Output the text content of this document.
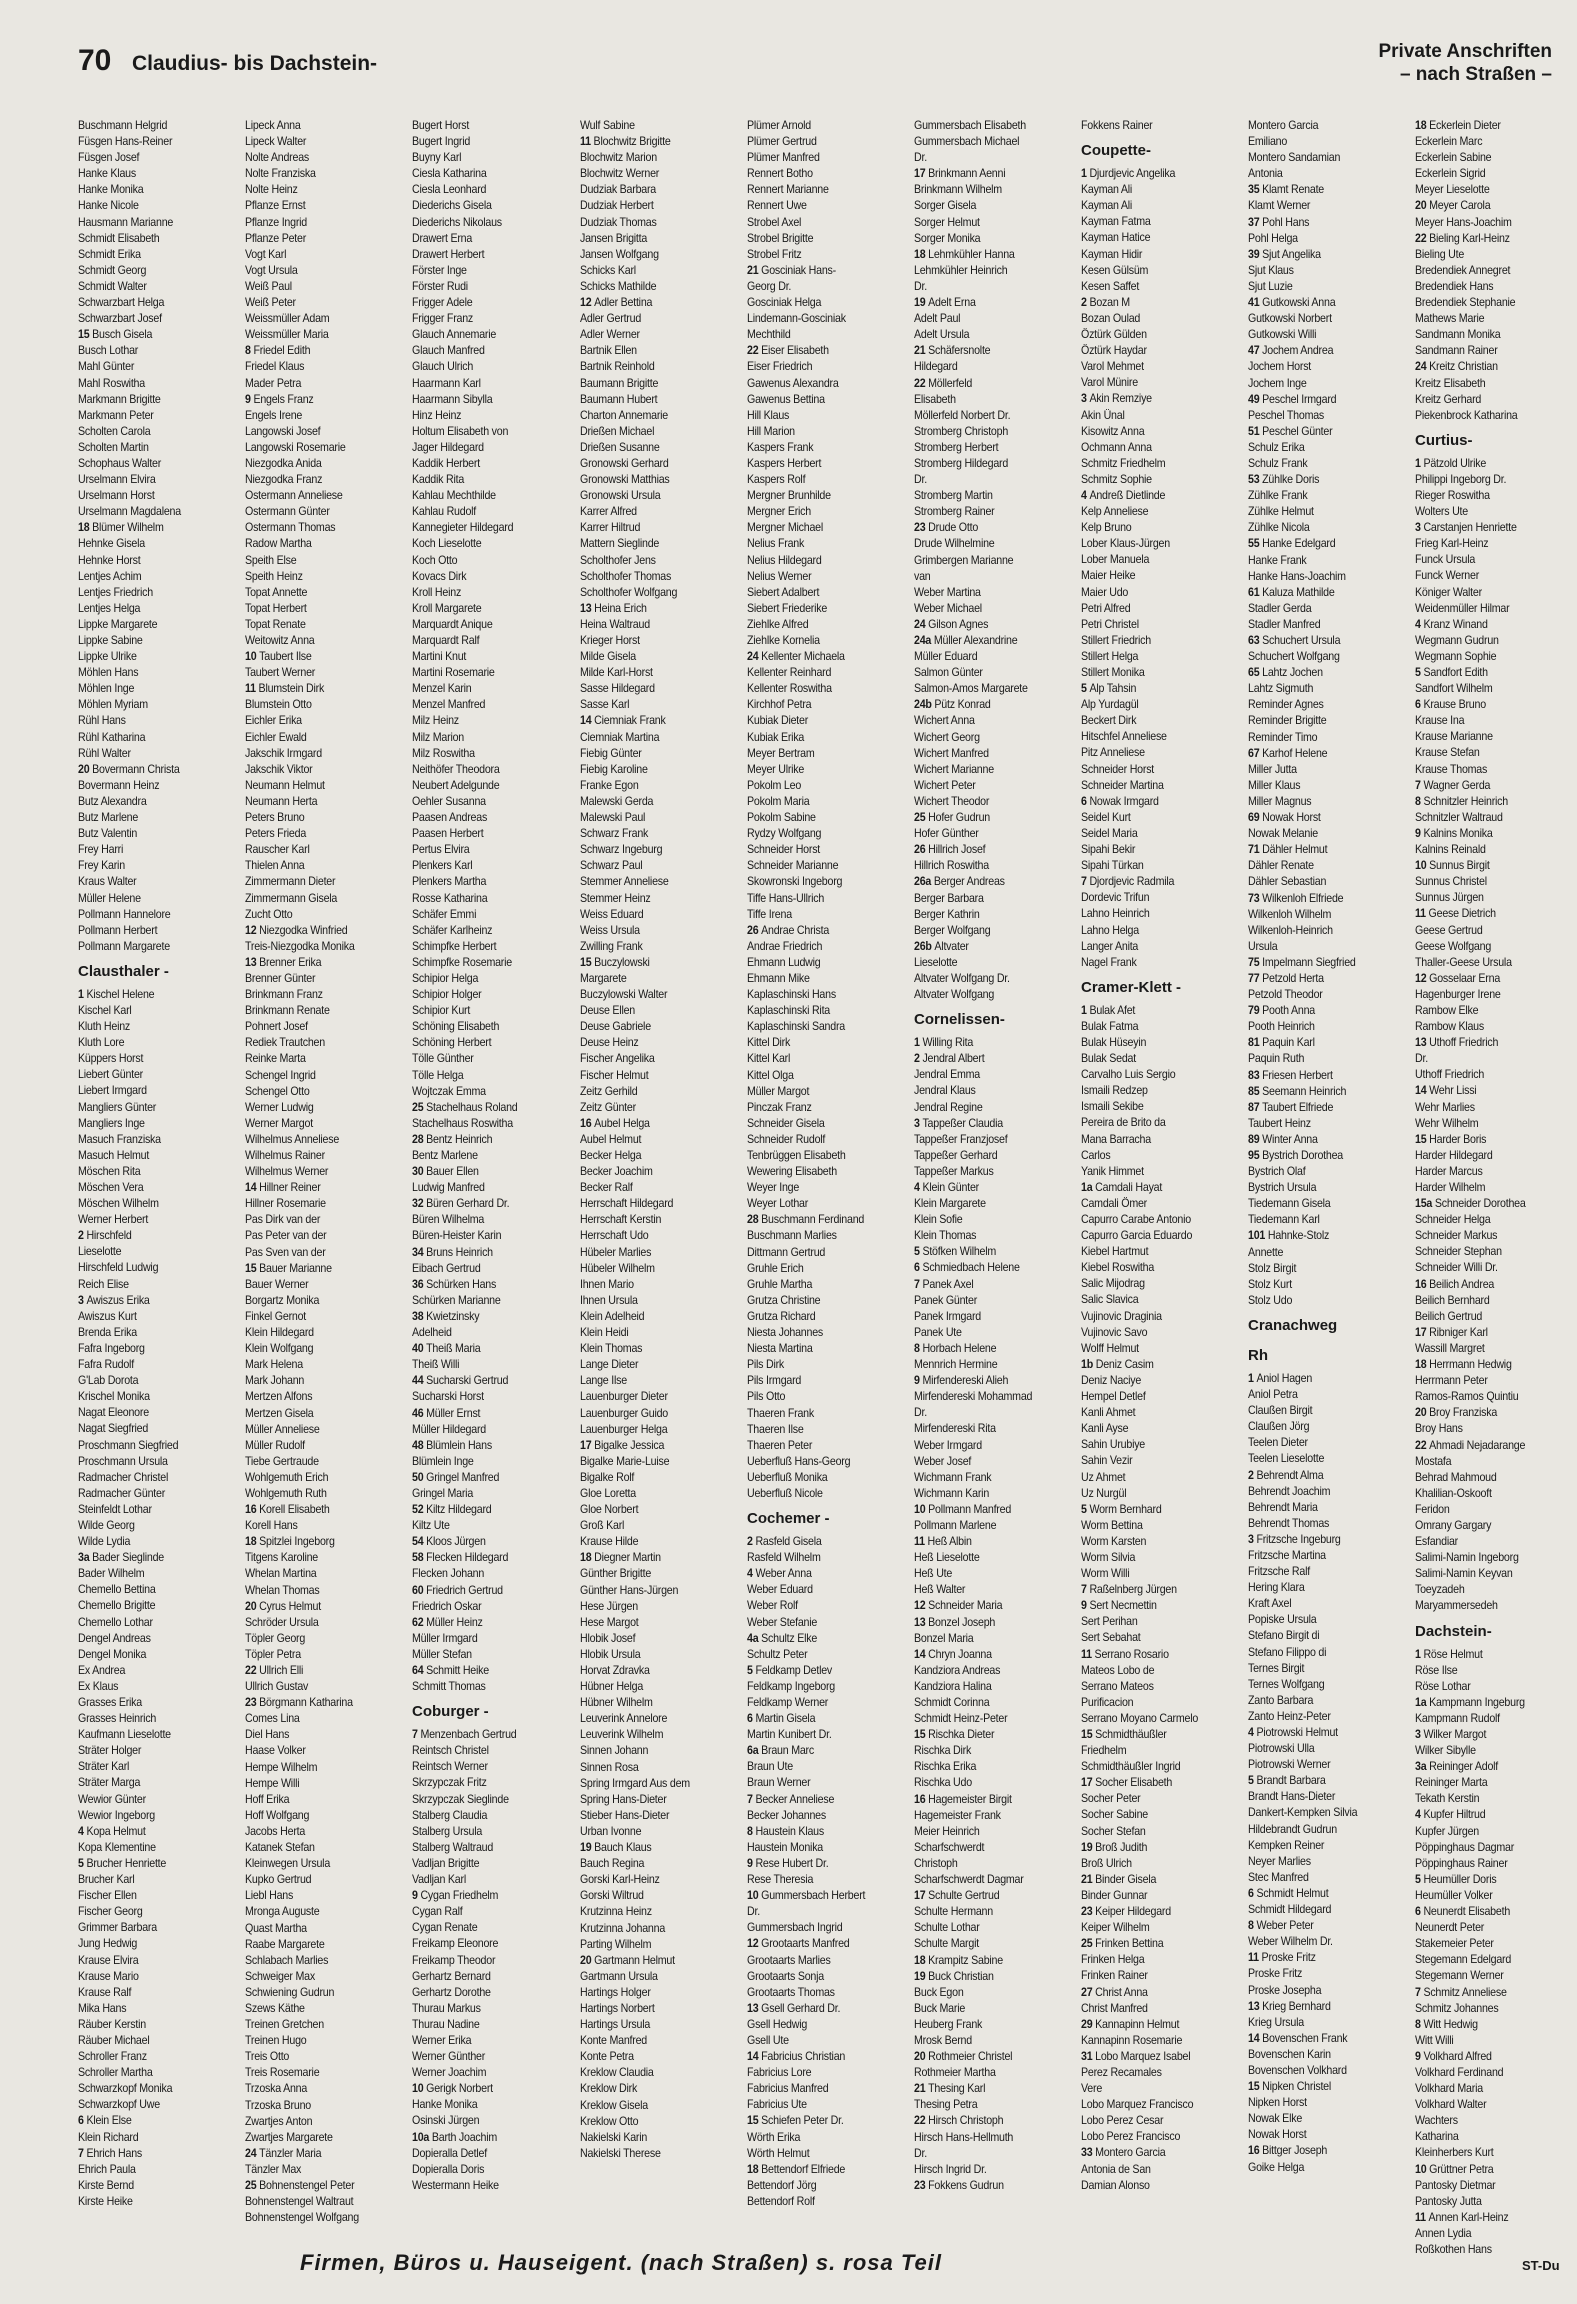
70 Claudius- bis Dachstein-
Private Anschriften
– nach Straßen –
Buschmann Helgrid
Füsgen Hans-Reiner
Füsgen Josef
Hanke Klaus
Hanke Monika
Hanke Nicole
Hausmann Marianne
Schmidt Elisabeth
Schmidt Erika
Schmidt Georg
Schmidt Walter
Schwarzbart Helga
Schwarzbart Josef
15 Busch Gisela
Busch Lothar
Mahl Günter
Mahl Roswitha
Markmann Brigitte
Markmann Peter
Scholten Carola
Scholten Martin
Schophaus Walter
Urselmann Elvira
Urselmann Horst
Urselmann Magdalena
18 Blümer Wilhelm
Hehnke Gisela
Hehnke Horst
Lentjes Achim
Lentjes Friedrich
Lentjes Helga
Lippke Margarete
Lippke Sabine
Lippke Ulrike
Möhlen Hans
Möhlen Inge
Möhlen Myriam
Rühl Hans
Rühl Katharina
Rühl Walter
20 Bovermann Christa
Bovermann Heinz
Butz Alexandra
Butz Marlene
Butz Valentin
Frey Harri
Frey Karin
Kraus Walter
Müller Helene
Pollmann Hannelore
Pollmann Herbert
Pollmann Margarete
Clausthaler -
1 Kischel Helene
Kischel Karl
Kluth Heinz
Kluth Lore
Küppers Horst
Liebert Günter
Liebert Irmgard
Mangliers Günter
Mangliers Inge
Masuch Franziska
Masuch Helmut
Möschen Rita
Möschen Vera
Möschen Wilhelm
Werner Herbert
2 Hirschfeld
Lieselotte
Hirschfeld Ludwig
Reich Elise
3 Awiszus Erika
Awiszus Kurt
Brenda Erika
Fafra Ingeborg
Fafra Rudolf
G'Lab Dorota
Krischel Monika
Nagat Eleonore
Nagat Siegfried
Proschmann Siegfried
Proschmann Ursula
Radmacher Christel
Radmacher Günter
Steinfeldt Lothar
Wilde Georg
Wilde Lydia
3a Bader Sieglinde
Bader Wilhelm
Chemello Bettina
Chemello Brigitte
Chemello Lothar
Dengel Andreas
Dengel Monika
Ex Andrea
Ex Klaus
Grasses Erika
Grasses Heinrich
Kaufmann Lieselotte
Sträter Holger
Sträter Karl
Sträter Marga
Wewior Günter
Wewior Ingeborg
4 Kopa Helmut
Kopa Klementine
5 Brucher Henriette
Brucher Karl
Fischer Ellen
Fischer Georg
Grimmer Barbara
Jung Hedwig
Krause Elvira
Krause Mario
Krause Ralf
Mika Hans
Räuber Kerstin
Räuber Michael
Schroller Franz
Schroller Martha
Schwarzkopf Monika
Schwarzkopf Uwe
6 Klein Else
Klein Richard
7 Ehrich Hans
Ehrich Paula
Kirste Bernd
Kirste Heike
Lipeck Anna
Lipeck Walter
Nolte Andreas
Nolte Franziska
Nolte Heinz
Pflanze Ernst
Pflanze Ingrid
Pflanze Peter
Vogt Karl
Vogt Ursula
Weiß Paul
Weiß Peter
Weissmüller Adam
Weissmüller Maria
8 Friedel Edith
Friedel Klaus
Mader Petra
9 Engels Franz
Engels Irene
Langowski Josef
Langowski Rosemarie
Niezgodka Anida
Niezgodka Franz
Ostermann Anneliese
Ostermann Günter
Ostermann Thomas
Radow Martha
Speith Else
Speith Heinz
Topat Annette
Topat Herbert
Topat Renate
Weitowitz Anna
10 Taubert Ilse
Taubert Werner
11 Blumstein Dirk
Blumstein Otto
Eichler Erika
Eichler Ewald
Jakschik Irmgard
Jakschik Viktor
Neumann Helmut
Neumann Herta
Peters Bruno
Peters Frieda
Rauscher Karl
Thielen Anna
Zimmermann Dieter
Zimmermann Gisela
Zucht Otto
12 Niezgodka Winfried
Treis-Niezgodka Monika
13 Brenner Erika
Brenner Günter
Brinkmann Franz
Brinkmann Renate
Pohnert Josef
Rediek Trautchen
Reinke Marta
Schengel Ingrid
Schengel Otto
Werner Ludwig
Werner Margot
Wilhelmus Anneliese
Wilhelmus Rainer
Wilhelmus Werner
14 Hillner Reiner
Hillner Rosemarie
Pas Dirk van der
Pas Peter van der
Pas Sven van der
15 Bauer Marianne
Bauer Werner
Borgartz Monika
Finkel Gernot
Klein Hildegard
Klein Wolfgang
Mark Helena
Mark Johann
Mertzen Alfons
Mertzen Gisela
Müller Anneliese
Müller Rudolf
Tiebe Gertraude
Wohlgemuth Erich
Wohlgemuth Ruth
16 Korell Elisabeth
Korell Hans
18 Spitzlei Ingeborg
Titgens Karoline
Whelan Martina
Whelan Thomas
20 Cyrus Helmut
Schröder Ursula
Töpler Georg
Töpler Petra
22 Ullrich Elli
Ullrich Gustav
23 Börgmann Katharina
Comes Lina
Diel Hans
Haase Volker
Hempe Wilhelm
Hempe Willi
Hoff Erika
Hoff Wolfgang
Jacobs Herta
Katanek Stefan
Kleinwegen Ursula
Kupko Gertrud
Liebl Hans
Mronga Auguste
Quast Martha
Raabe Margarete
Schlabach Marlies
Schweiger Max
Schwiening Gudrun
Szews Käthe
Treinen Gretchen
Treinen Hugo
Treis Otto
Treis Rosemarie
Trzoska Anna
Trzoska Bruno
Zwartjes Anton
Zwartjes Margarete
24 Tänzler Maria
Tänzler Max
25 Bohnenstengel Peter
Bohnenstengel Waltraut
Bohnenstengel Wolfgang
Bugert Horst
Bugert Ingrid
Buyny Karl
Ciesla Katharina
Ciesla Leonhard
Diederichs Gisela
Diederichs Nikolaus
Drawert Erna
Drawert Herbert
Förster Inge
Förster Rudi
Frigger Adele
Frigger Franz
Glauch Annemarie
Glauch Manfred
Glauch Ulrich
Haarmann Karl
Haarmann Sibylla
Hinz Heinz
Holtum Elisabeth von
Jager Hildegard
Kaddik Herbert
Kaddik Rita
Kahlau Mechthilde
Kahlau Rudolf
Kannegieter Hildegard
Koch Lieselotte
Koch Otto
Kovacs Dirk
Kroll Heinz
Kroll Margarete
Marquardt Anique
Marquardt Ralf
Martini Knut
Martini Rosemarie
Menzel Karin
Menzel Manfred
Milz Heinz
Milz Marion
Milz Roswitha
Neithöfer Theodora
Neubert Adelgunde
Oehler Susanna
Paasen Andreas
Paasen Herbert
Pertus Elvira
Plenkers Karl
Plenkers Martha
Rosse Katharina
Schäfer Emmi
Schäfer Karlheinz
Schimpfke Herbert
Schimpfke Rosemarie
Schipior Helga
Schipior Holger
Schipior Kurt
Schöning Elisabeth
Schöning Herbert
Tölle Günther
Tölle Helga
Wojtczak Emma
25 Stachelhaus Roland
Stachelhaus Roswitha
28 Bentz Heinrich
Bentz Marlene
30 Bauer Ellen
Ludwig Manfred
32 Büren Gerhard Dr.
Büren Wilhelma
Büren-Heister Karin
34 Bruns Heinrich
Eibach Gertrud
36 Schürken Hans
Schürken Marianne
38 Kwietzinsky
Adelheid
40 Theiß Maria
Theiß Willi
44 Sucharski Gertrud
Sucharski Horst
46 Müller Ernst
Müller Hildegard
48 Blümlein Hans
Blümlein Inge
50 Gringel Manfred
Gringel Maria
52 Kiltz Hildegard
Kiltz Ute
54 Kloos Jürgen
58 Flecken Hildegard
Flecken Johann
60 Friedrich Gertrud
Friedrich Oskar
62 Müller Heinz
Müller Irmgard
Müller Stefan
64 Schmitt Heike
Schmitt Thomas
Coburger -
7 Menzenbach Gertrud
Reintsch Christel
Reintsch Werner
Skrzypczak Fritz
Skrzypczak Sieglinde
Stalberg Claudia
Stalberg Ursula
Stalberg Waltraud
Vadljan Brigitte
Vadljan Karl
9 Cygan Friedhelm
Cygan Ralf
Cygan Renate
Freikamp Eleonore
Freikamp Theodor
Gerhartz Bernard
Gerhartz Dorothe
Thurau Markus
Thurau Nadine
Werner Erika
Werner Günther
Werner Joachim
10 Gerigk Norbert
Hanke Monika
Osinski Jürgen
10a Barth Joachim
Dopieralla Detlef
Dopieralla Doris
Westermann Heike
Wulf Sabine
11 Blochwitz Brigitte
Blochwitz Marion
Blochwitz Werner
Dudziak Barbara
Dudziak Herbert
Dudziak Thomas
Jansen Brigitta
Jansen Wolfgang
Schicks Karl
Schicks Mathilde
12 Adler Bettina
Adler Gertrud
Adler Werner
Bartnik Ellen
Bartnik Reinhold
Baumann Brigitte
Baumann Hubert
Charton Annemarie
Drießen Michael
Drießen Susanne
Gronowski Gerhard
Gronowski Matthias
Gronowski Ursula
Karrer Alfred
Karrer Hiltrud
Mattern Sieglinde
Scholthofer Jens
Scholthofer Thomas
Scholthofer Wolfgang
13 Heina Erich
Heina Waltraud
Krieger Horst
Milde Gisela
Milde Karl-Horst
Sasse Hildegard
Sasse Karl
14 Ciemniak Frank
Ciemniak Martina
Fiebig Günter
Fiebig Karoline
Franke Egon
Malewski Gerda
Malewski Paul
Schwarz Frank
Schwarz Ingeburg
Schwarz Paul
Stemmer Anneliese
Stemmer Heinz
Weiss Eduard
Weiss Ursula
Zwilling Frank
15 Buczylowski
Margarete
Buczylowski Walter
Deuse Ellen
Deuse Gabriele
Deuse Heinz
Fischer Angelika
Fischer Helmut
Zeitz Gerhild
Zeitz Günter
16 Aubel Helga
Aubel Helmut
Becker Helga
Becker Joachim
Becker Ralf
Herrschaft Hildegard
Herrschaft Kerstin
Herrschaft Udo
Hübeler Marlies
Hübeler Wilhelm
Ihnen Mario
Ihnen Ursula
Klein Adelheid
Klein Heidi
Klein Thomas
Lange Dieter
Lange Ilse
Lauenburger Dieter
Lauenburger Guido
Lauenburger Helga
17 Bigalke Jessica
Bigalke Marie-Luise
Bigalke Rolf
Gloe Loretta
Gloe Norbert
Groß Karl
Krause Hilde
18 Diegner Martin
Günther Brigitte
Günther Hans-Jürgen
Hese Jürgen
Hese Margot
Hlobik Josef
Hlobik Ursula
Horvat Zdravka
Hübner Helga
Hübner Wilhelm
Leuverink Annelore
Leuverink Wilhelm
Sinnen Johann
Sinnen Rosa
Spring Irmgard Aus dem
Spring Hans-Dieter
Stieber Hans-Dieter
Urban Ivonne
19 Bauch Klaus
Bauch Regina
Gorski Karl-Heinz
Gorski Wiltrud
Krutzinna Heinz
Krutzinna Johanna
Parting Wilhelm
20 Gartmann Helmut
Gartmann Ursula
Hartings Holger
Hartings Norbert
Hartings Ursula
Konte Manfred
Konte Petra
Kreklow Claudia
Kreklow Dirk
Kreklow Gisela
Kreklow Otto
Nakielski Karin
Nakielski Therese
Plümer Arnold
Plümer Gertrud
Plümer Manfred
Rennert Botho
Rennert Marianne
Rennert Uwe
Strobel Axel
Strobel Brigitte
Strobel Fritz
21 Gosciniak Hans-
Georg Dr.
Gosciniak Helga
Lindemann-Gosciniak
Mechthild
22 Eiser Elisabeth
Eiser Friedrich
Gawenus Alexandra
Gawenus Bettina
Hill Klaus
Hill Marion
Kaspers Frank
Kaspers Herbert
Kaspers Rolf
Mergner Brunhilde
Mergner Erich
Mergner Michael
Nelius Frank
Nelius Hildegard
Nelius Werner
Siebert Adalbert
Siebert Friederike
Ziehlke Alfred
Ziehlke Kornelia
24 Kellenter Michaela
Kellenter Reinhard
Kellenter Roswitha
Kirchhof Petra
Kubiak Dieter
Kubiak Erika
Meyer Bertram
Meyer Ulrike
Pokolm Leo
Pokolm Maria
Pokolm Sabine
Rydzy Wolfgang
Schneider Horst
Schneider Marianne
Skowronski Ingeborg
Tiffe Hans-Ullrich
Tiffe Irena
26 Andrae Christa
Andrae Friedrich
Ehmann Ludwig
Ehmann Mike
Kaplaschinski Hans
Kaplaschinski Rita
Kaplaschinski Sandra
Kittel Dirk
Kittel Karl
Kittel Olga
Müller Margot
Pinczak Franz
Schneider Gisela
Schneider Rudolf
Tenbrüggen Elisabeth
Wewering Elisabeth
Weyer Inge
Weyer Lothar
28 Buschmann Ferdinand
Buschmann Marlies
Dittmann Gertrud
Gruhle Erich
Gruhle Martha
Grutza Christine
Grutza Richard
Niesta Johannes
Niesta Martina
Pils Dirk
Pils Irmgard
Pils Otto
Thaeren Frank
Thaeren Ilse
Thaeren Peter
Ueberfluß Hans-Georg
Ueberfluß Monika
Ueberfluß Nicole
Cochemer -
2 Rasfeld Gisela
Rasfeld Wilhelm
4 Weber Anna
Weber Eduard
Weber Rolf
Weber Stefanie
4a Schultz Elke
Schultz Peter
5 Feldkamp Detlev
Feldkamp Ingeborg
Feldkamp Werner
6 Martin Gisela
Martin Kunibert Dr.
6a Braun Marc
Braun Ute
Braun Werner
7 Becker Anneliese
Becker Johannes
8 Haustein Klaus
Haustein Monika
9 Rese Hubert Dr.
Rese Theresia
10 Gummersbach Herbert
Dr.
Gummersbach Ingrid
12 Grootaarts Manfred
Grootaarts Marlies
Grootaarts Sonja
Grootaarts Thomas
13 Gsell Gerhard Dr.
Gsell Hedwig
Gsell Ute
14 Fabricius Christian
Fabricius Lore
Fabricius Manfred
Fabricius Ute
15 Schiefen Peter Dr.
Wörth Erika
Wörth Helmut
18 Bettendorf Elfriede
Bettendorf Jörg
Bettendorf Rolf
Gummersbach Elisabeth
Gummersbach Michael
Dr.
17 Brinkmann Aenni
Brinkmann Wilhelm
Sorger Gisela
Sorger Helmut
Sorger Monika
18 Lehmkühler Hanna
Lehmkühler Heinrich
Dr.
19 Adelt Erna
Adelt Paul
Adelt Ursula
21 Schäfersnolte
Hildegard
22 Möllerfeld
Elisabeth
Möllerfeld Norbert Dr.
Stromberg Christoph
Stromberg Herbert
Stromberg Hildegard
Dr.
Stromberg Martin
Stromberg Rainer
23 Drude Otto
Drude Wilhelmine
Grimbergen Marianne
van
Weber Martina
Weber Michael
24 Gilson Agnes
24a Müller Alexandrine
Müller Eduard
Salmon Günter
Salmon-Amos Margarete
24b Pütz Konrad
Wichert Anna
Wichert Georg
Wichert Manfred
Wichert Marianne
Wichert Peter
Wichert Theodor
25 Hofer Gudrun
Hofer Günther
26 Hillrich Josef
Hillrich Roswitha
26a Berger Andreas
Berger Barbara
Berger Kathrin
Berger Wolfgang
26b Altvater
Lieselotte
Altvater Wolfgang Dr.
Altvater Wolfgang
Cornelissen-
1 Willing Rita
2 Jendral Albert
Jendral Emma
Jendral Klaus
Jendral Regine
3 Tappeßer Claudia
Tappeßer Franzjosef
Tappeßer Gerhard
Tappeßer Markus
4 Klein Günter
Klein Margarete
Klein Sofie
Klein Thomas
5 Stöfken Wilhelm
6 Schmiedbach Helene
7 Panek Axel
Panek Günter
Panek Irmgard
Panek Ute
8 Horbach Helene
Mennrich Hermine
9 Mirfendereski Alieh
Mirfendereski Mohammad
Dr.
Mirfendereski Rita
Weber Irmgard
Weber Josef
Wichmann Frank
Wichmann Karin
10 Pollmann Manfred
Pollmann Marlene
11 Heß Albin
Heß Lieselotte
Heß Ute
Heß Walter
12 Schneider Maria
13 Bonzel Joseph
Bonzel Maria
14 Chryn Joanna
Kandziora Andreas
Kandziora Halina
Schmidt Corinna
Schmidt Heinz-Peter
15 Rischka Dieter
Rischka Dirk
Rischka Erika
Rischka Udo
16 Hagemeister Birgit
Hagemeister Frank
Meier Heinrich
Scharfschwerdt
Christoph
Scharfschwerdt Dagmar
17 Schulte Gertrud
Schulte Hermann
Schulte Lothar
Schulte Margit
18 Krampitz Sabine
19 Buck Christian
Buck Egon
Buck Marie
Heuberg Frank
Mrosk Bernd
20 Rothmeier Christel
Rothmeier Martha
21 Thesing Karl
Thesing Petra
22 Hirsch Christoph
Hirsch Hans-Hellmuth
Dr.
Hirsch Ingrid Dr.
23 Fokkens Gudrun
Fokkens Rainer
Coupette-
1 Djurdjevic Angelika
Kayman Ali
Kayman Ali
Kayman Fatma
Kayman Hatice
Kayman Hidir
Kesen Gülsüm
Kesen Saffet
2 Bozan M
Bozan Oulad
Öztürk Gülden
Öztürk Haydar
Varol Mehmet
Varol Münire
3 Akin Remziye
Akin Ünal
Kisowitz Anna
Ochmann Anna
Schmitz Friedhelm
Schmitz Sophie
4 Andreß Dietlinde
Kelp Anneliese
Kelp Bruno
Lober Klaus-Jürgen
Lober Manuela
Maier Heike
Maier Udo
Petri Alfred
Petri Christel
Stillert Friedrich
Stillert Helga
Stillert Monika
5 Alp Tahsin
Alp Yurdagül
Beckert Dirk
Hitschfel Anneliese
Pitz Anneliese
Schneider Horst
Schneider Martina
6 Nowak Irmgard
Seidel Kurt
Seidel Maria
Sipahi Bekir
Sipahi Türkan
7 Djordjevic Radmila
Dordevic Trifun
Lahno Heinrich
Lahno Helga
Langer Anita
Nagel Frank
Cramer-Klett -
1 Bulak Afet
Bulak Fatma
Bulak Hüseyin
Bulak Sedat
Carvalho Luis Sergio
Ismaili Redzep
Ismaili Sekibe
Pereira de Brito da
Mana Barracha
Carlos
Yanik Himmet
1a Camdali Hayat
Camdali Ömer
Capurro Carabe Antonio
Capurro Garcia Eduardo
Kiebel Hartmut
Kiebel Roswitha
Salic Mijodrag
Salic Slavica
Vujinovic Draginia
Vujinovic Savo
Wolff Helmut
1b Deniz Casim
Deniz Naciye
Hempel Detlef
Kanli Ahmet
Kanli Ayse
Sahin Urubiye
Sahin Vezir
Uz Ahmet
Uz Nurgül
5 Worm Bernhard
Worm Bettina
Worm Karsten
Worm Silvia
Worm Willi
7 Raßelnberg Jürgen
9 Sert Necmettin
Sert Perihan
Sert Sebahat
11 Serrano Rosario
Mateos Lobo de
Serrano Mateos
Purificacion
Serrano Moyano Carmelo
15 Schmidthäußler
Friedhelm
Schmidthäußler Ingrid
17 Socher Elisabeth
Socher Peter
Socher Sabine
Socher Stefan
19 Broß Judith
Broß Ulrich
21 Binder Gisela
Binder Gunnar
23 Keiper Hildegard
Keiper Wilhelm
25 Frinken Bettina
Frinken Helga
Frinken Rainer
27 Christ Anna
Christ Manfred
29 Kannapinn Helmut
Kannapinn Rosemarie
31 Lobo Marquez Isabel
Perez Recamales
Vere
Lobo Marquez Francisco
Lobo Perez Cesar
Lobo Perez Francisco
33 Montero Garcia
Antonia de San
Damian Alonso
Montero Garcia
Emiliano
Montero Sandamian
Antonia
35 Klamt Renate
Klamt Werner
37 Pohl Hans
Pohl Helga
39 Sjut Angelika
Sjut Klaus
Sjut Luzie
41 Gutkowski Anna
Gutkowski Norbert
Gutkowski Willi
47 Jochem Andrea
Jochem Horst
Jochem Inge
49 Peschel Irmgard
Peschel Thomas
51 Peschel Günter
Schulz Erika
Schulz Frank
53 Zühlke Doris
Zühlke Frank
Zühlke Helmut
Zühlke Nicola
55 Hanke Edelgard
Hanke Frank
Hanke Hans-Joachim
61 Kaluza Mathilde
Stadler Gerda
Stadler Manfred
63 Schuchert Ursula
Schuchert Wolfgang
65 Lahtz Jochen
Lahtz Sigmuth
Reminder Agnes
Reminder Brigitte
Reminder Timo
67 Karhof Helene
Miller Jutta
Miller Klaus
Miller Magnus
69 Nowak Horst
Nowak Melanie
71 Dähler Helmut
Dähler Renate
Dähler Sebastian
73 Wilkenloh Elfriede
Wilkenloh Wilhelm
Wilkenloh-Heinrich
Ursula
75 Impelmann Siegfried
77 Petzold Herta
Petzold Theodor
79 Pooth Anna
Pooth Heinrich
81 Paquin Karl
Paquin Ruth
83 Friesen Herbert
85 Seemann Heinrich
87 Taubert Elfriede
Taubert Heinz
89 Winter Anna
95 Bystrich Dorothea
Bystrich Olaf
Bystrich Ursula
Tiedemann Gisela
Tiedemann Karl
101 Hahnke-Stolz
Annette
Stolz Birgit
Stolz Kurt
Stolz Udo
Cranachweg
Rh
1 Aniol Hagen
Aniol Petra
Claußen Birgit
Claußen Jörg
Teelen Dieter
Teelen Lieselotte
2 Behrendt Alma
Behrendt Joachim
Behrendt Maria
Behrendt Thomas
3 Fritzsche Ingeburg
Fritzsche Martina
Fritzsche Ralf
Hering Klara
Kraft Axel
Popiske Ursula
Stefano Birgit di
Stefano Filippo di
Ternes Birgit
Ternes Wolfgang
Zanto Barbara
Zanto Heinz-Peter
4 Piotrowski Helmut
Piotrowski Ulla
Piotrowski Werner
5 Brandt Barbara
Brandt Hans-Dieter
Dankert-Kempken Silvia
Hildebrandt Gudrun
Kempken Reiner
Neyer Marlies
Stec Manfred
6 Schmidt Helmut
Schmidt Hildegard
8 Weber Peter
Weber Wilhelm Dr.
11 Proske Fritz
Proske Fritz
Proske Josepha
13 Krieg Bernhard
Krieg Ursula
14 Bovenschen Frank
Bovenschen Karin
Bovenschen Volkhard
15 Nipken Christel
Nipken Horst
Nowak Elke
Nowak Horst
16 Bittger Joseph
Goike Helga
18 Eckerlein Dieter
Eckerlein Marc
Eckerlein Sabine
Eckerlein Sigrid
Meyer Lieselotte
20 Meyer Carola
Meyer Hans-Joachim
22 Bieling Karl-Heinz
Bieling Ute
Bredendiek Annegret
Bredendiek Hans
Bredendiek Stephanie
Mathews Marie
Sandmann Monika
Sandmann Rainer
24 Kreitz Christian
Kreitz Elisabeth
Kreitz Gerhard
Piekenbrock Katharina
Curtius-
1 Pätzold Ulrike
Philippi Ingeborg Dr.
Rieger Roswitha
Wolters Ute
3 Carstanjen Henriette
Frieg Karl-Heinz
Funck Ursula
Funck Werner
Königer Walter
Weidenmüller Hilmar
4 Kranz Winand
Wegmann Gudrun
Wegmann Sophie
5 Sandfort Edith
Sandfort Wilhelm
6 Krause Bruno
Krause Ina
Krause Marianne
Krause Stefan
Krause Thomas
7 Wagner Gerda
8 Schnitzler Heinrich
Schnitzler Waltraud
9 Kalnins Monika
Kalnins Reinald
10 Sunnus Birgit
Sunnus Christel
Sunnus Jürgen
11 Geese Dietrich
Geese Gertrud
Geese Wolfgang
Thaller-Geese Ursula
12 Gosselaar Erna
Hagenburger Irene
Rambow Elke
Rambow Klaus
13 Uthoff Friedrich
Dr.
Uthoff Friedrich
14 Wehr Lissi
Wehr Marlies
Wehr Wilhelm
15 Harder Boris
Harder Hildegard
Harder Marcus
Harder Wilhelm
15a Schneider Dorothea
Schneider Helga
Schneider Markus
Schneider Stephan
Schneider Willi Dr.
16 Beilich Andrea
Beilich Bernhard
Beilich Gertrud
17 Ribniger Karl
Wassill Margret
18 Herrmann Hedwig
Herrmann Peter
Ramos-Ramos Quintiu
20 Broy Franziska
Broy Hans
22 Ahmadi Nejadarange
Mostafa
Behrad Mahmoud
Khalilian-Oskooft
Feridon
Omrany Gargary
Esfandiar
Salimi-Namin Ingeborg
Salimi-Namin Keyvan
Toeyzadeh
Maryammersedeh
Dachstein-
1 Röse Helmut
Röse Ilse
Röse Lothar
1a Kampmann Ingeburg
Kampmann Rudolf
3 Wilker Margot
Wilker Sibylle
3a Reininger Adolf
Reininger Marta
Tekath Kerstin
4 Kupfer Hiltrud
Kupfer Jürgen
Pöppinghaus Dagmar
Pöppinghaus Rainer
5 Heumüller Doris
Heumüller Volker
6 Neunerdt Elisabeth
Neunerdt Peter
Stakemeier Peter
Stegemann Edelgard
Stegemann Werner
7 Schmitz Anneliese
Schmitz Johannes
8 Witt Hedwig
Witt Willi
9 Volkhard Alfred
Volkhard Ferdinand
Volkhard Maria
Volkhard Walter
Wachters
Katharina
Kleinherbers Kurt
10 Grüttner Petra
Pantosky Dietmar
Pantosky Jutta
11 Annen Karl-Heinz
Annen Lydia
Roßkothen Hans
Firmen, Büros u. Hauseigent. (nach Straßen) s. rosa Teil	ST-Du
